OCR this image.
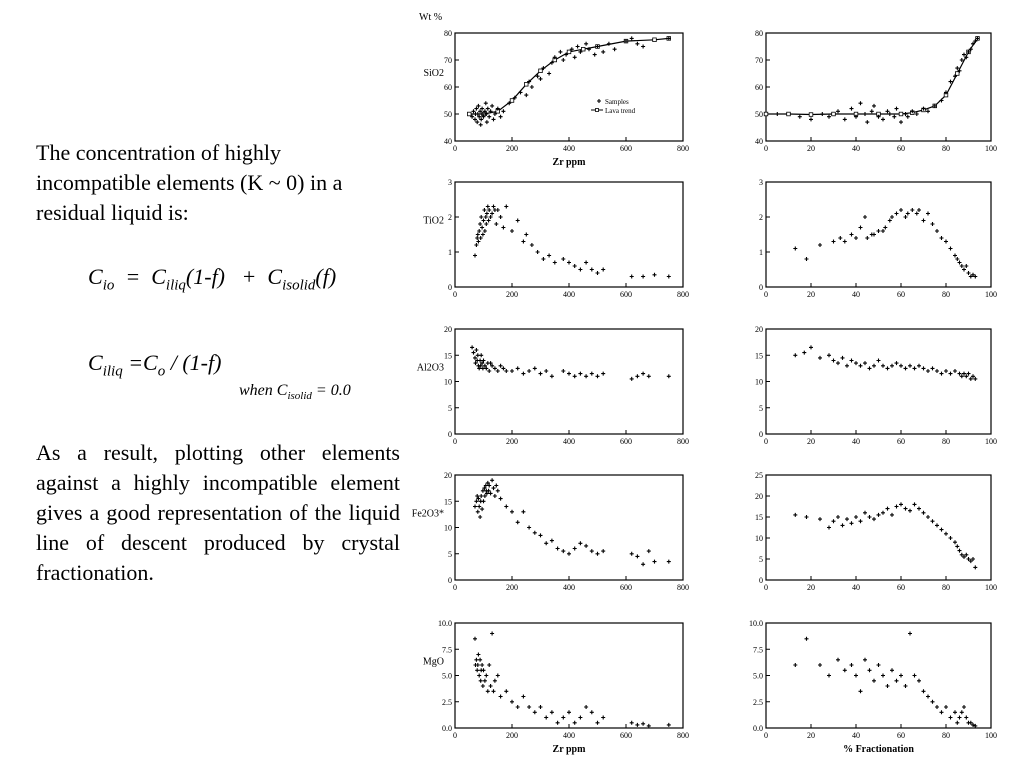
The concentration of highly incompatible elements (K ~ 0) in a residual liquid is:

$C_{io} = C_{iliq}(1-f) + C_{isolid}(f)$
$C_{iliq} =C_o / (1-f)$
when $C_{isolid} = 0.0$

As a result, plotting other elements against a highly incompatible element gives a good representation of the liquid line of descent produced by crystal fractionation.

0	200	400	600	800
40
50
60
70
80
Wt %
SiO2
Zr ppm
Samples
Lava trend
0	20	40	60	80	100
40
50
60
70
80
0	200	400	600	800
0
1
2
3
TiO2
0	20	40	60	80	100
0
1
2
3
0	200	400	600	800
0
5
10
15
20
Al2O3
0	20	40	60	80	100
0
5
10
15
20
0	200	400	600	800
0
5
10
15
20
Fe2O3*
0	20	40	60	80	100
0
5
10
15
20
25
0	200	400	600	800
0.0
2.5
5.0
7.5
10.0
MgO
Zr ppm
0	20	40	60	80	100
0.0
2.5
5.0
7.5
10.0
% Fractionation
